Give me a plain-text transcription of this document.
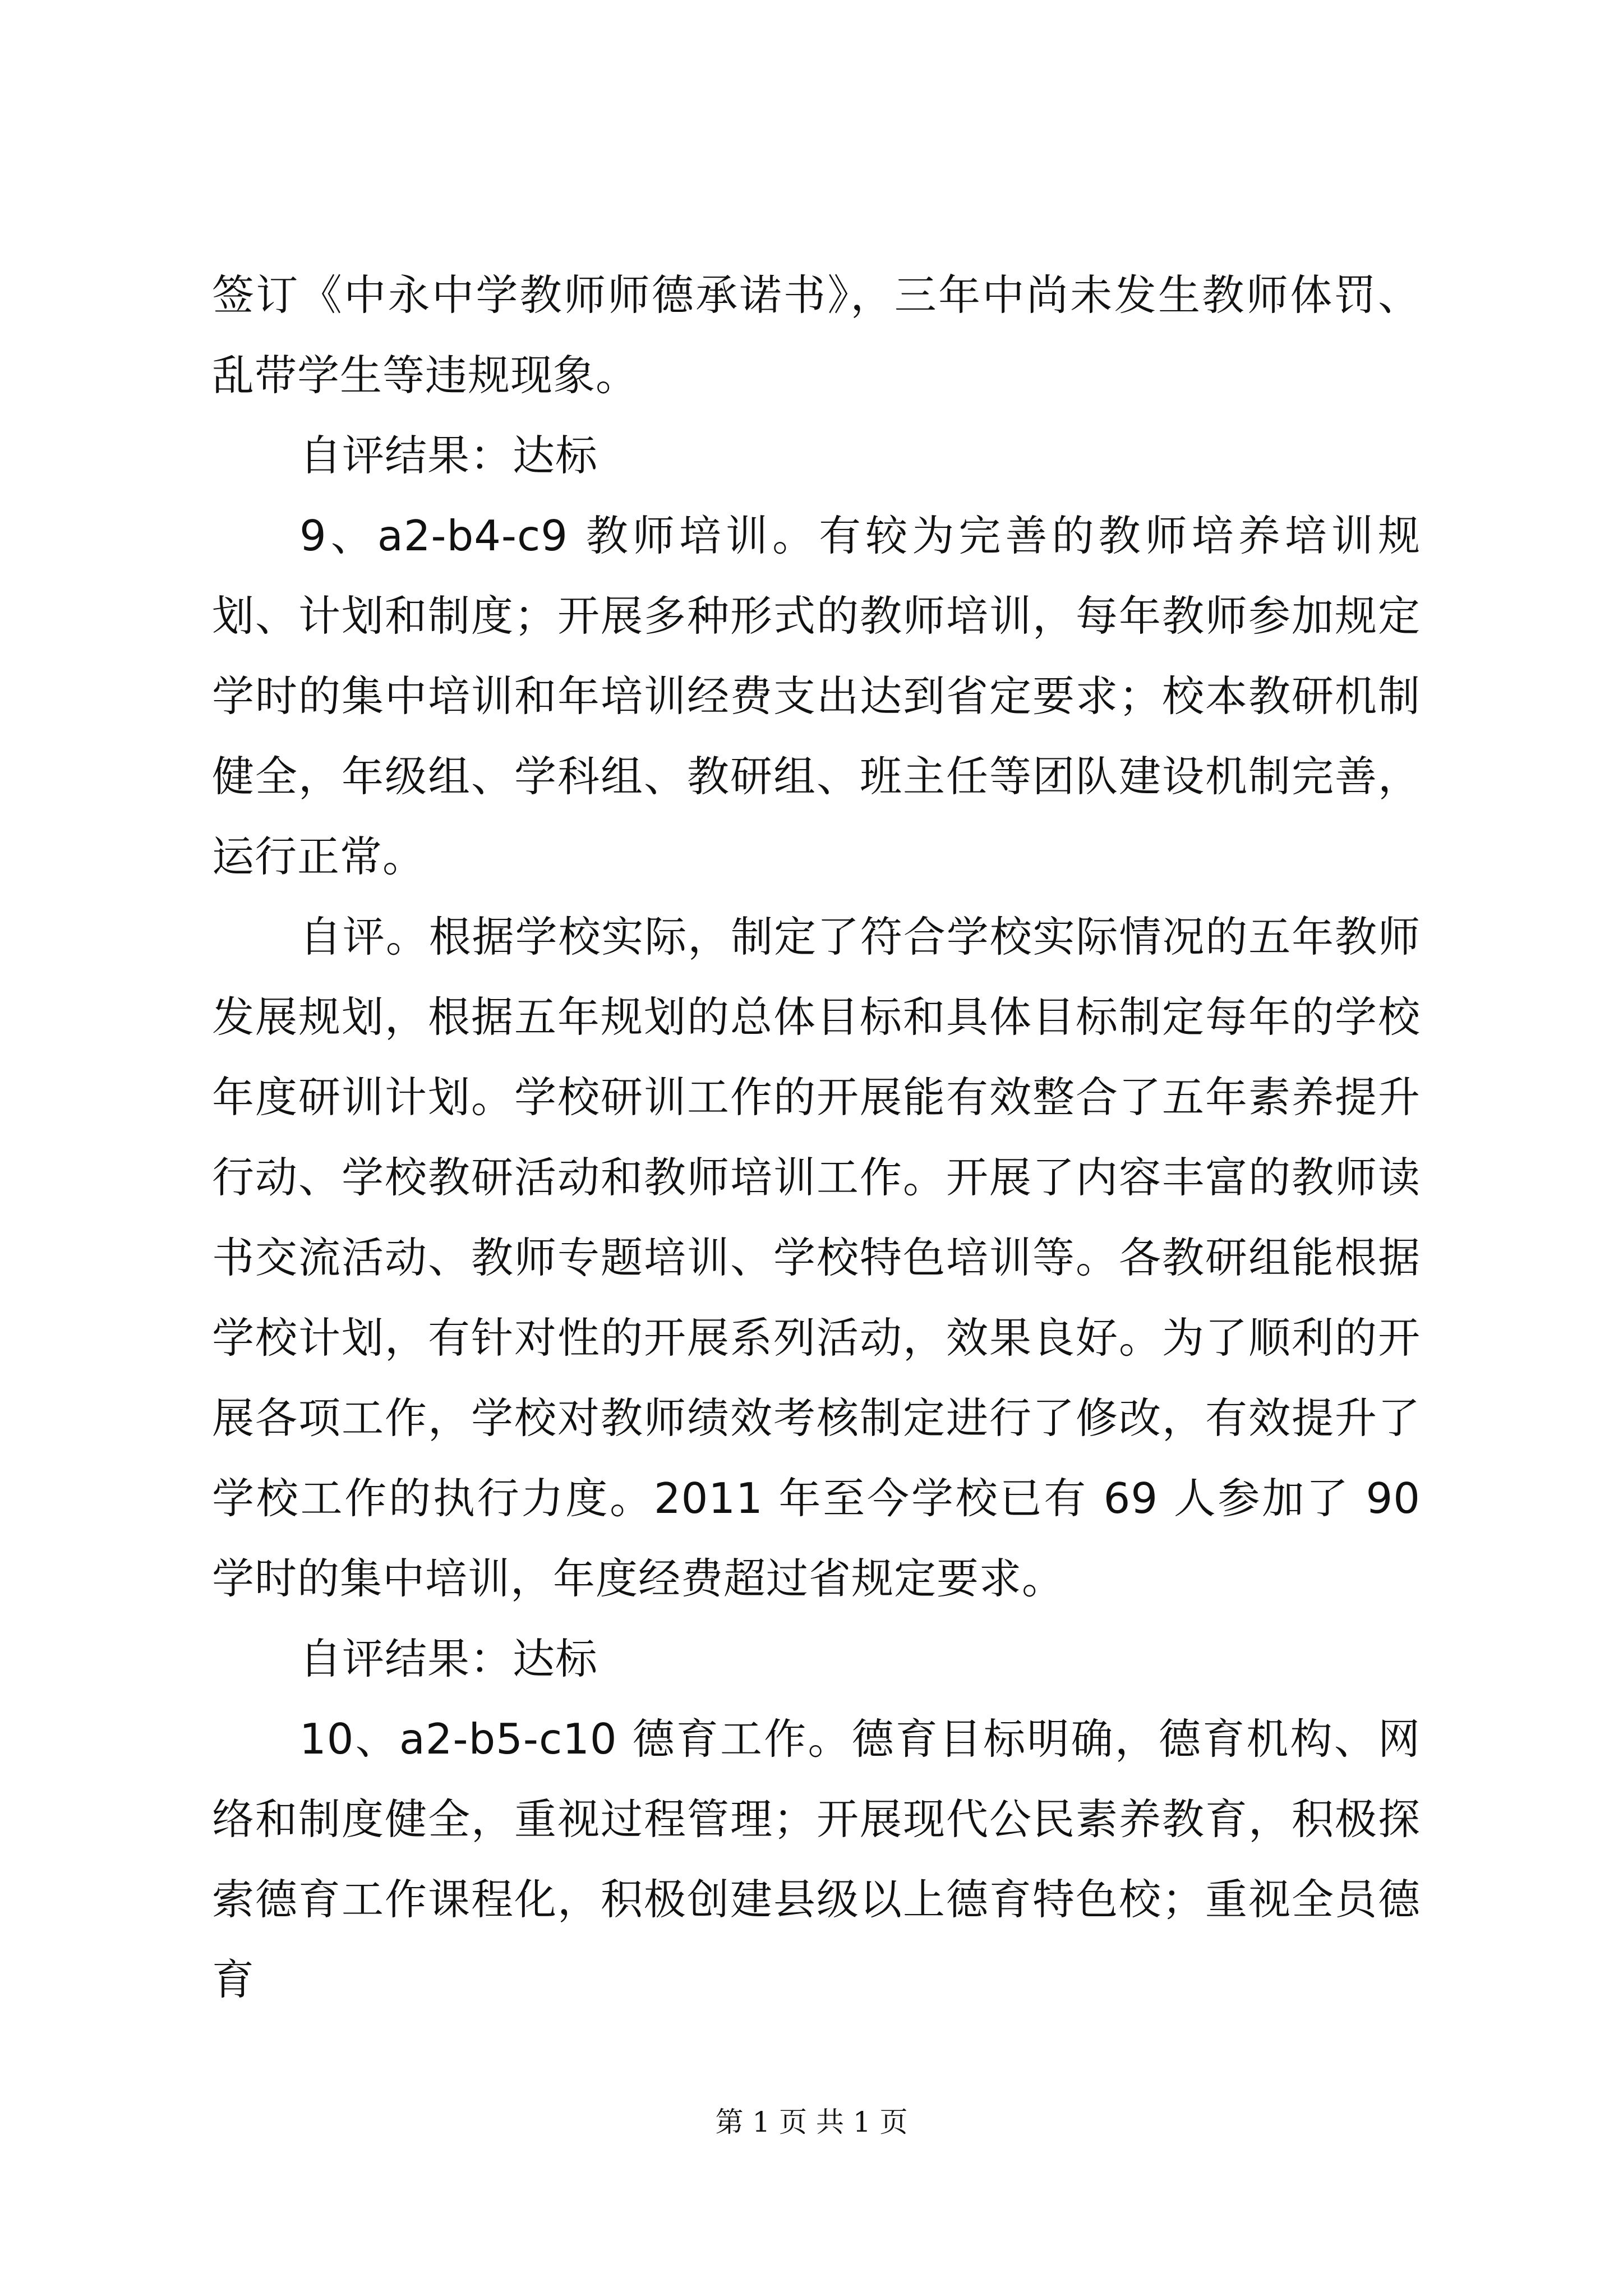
签订《中永中学教师师德承诺书》，三年中尚未发生教师体罚、乱带学生等违规现象。

自评结果：达标

9、a2-b4-c9 教师培训。有较为完善的教师培养培训规划、计划和制度；开展多种形式的教师培训，每年教师参加规定学时的集中培训和年培训经费支出达到省定要求；校本教研机制健全，年级组、学科组、教研组、班主任等团队建设机制完善，运行正常。

自评。根据学校实际，制定了符合学校实际情况的五年教师发展规划，根据五年规划的总体目标和具体目标制定每年的学校年度研训计划。学校研训工作的开展能有效整合了五年素养提升行动、学校教研活动和教师培训工作。开展了内容丰富的教师读书交流活动、教师专题培训、学校特色培训等。各教研组能根据学校计划，有针对性的开展系列活动，效果良好。为了顺利的开展各项工作，学校对教师绩效考核制定进行了修改，有效提升了学校工作的执行力度。2011 年至今学校已有 69 人参加了 90 学时的集中培训，年度经费超过省规定要求。

自评结果：达标

10、a2-b5-c10 德育工作。德育目标明确，德育机构、网络和制度健全，重视过程管理；开展现代公民素养教育，积极探索德育工作课程化，积极创建县级以上德育特色校；重视全员德育

第 1 页 共 1 页
